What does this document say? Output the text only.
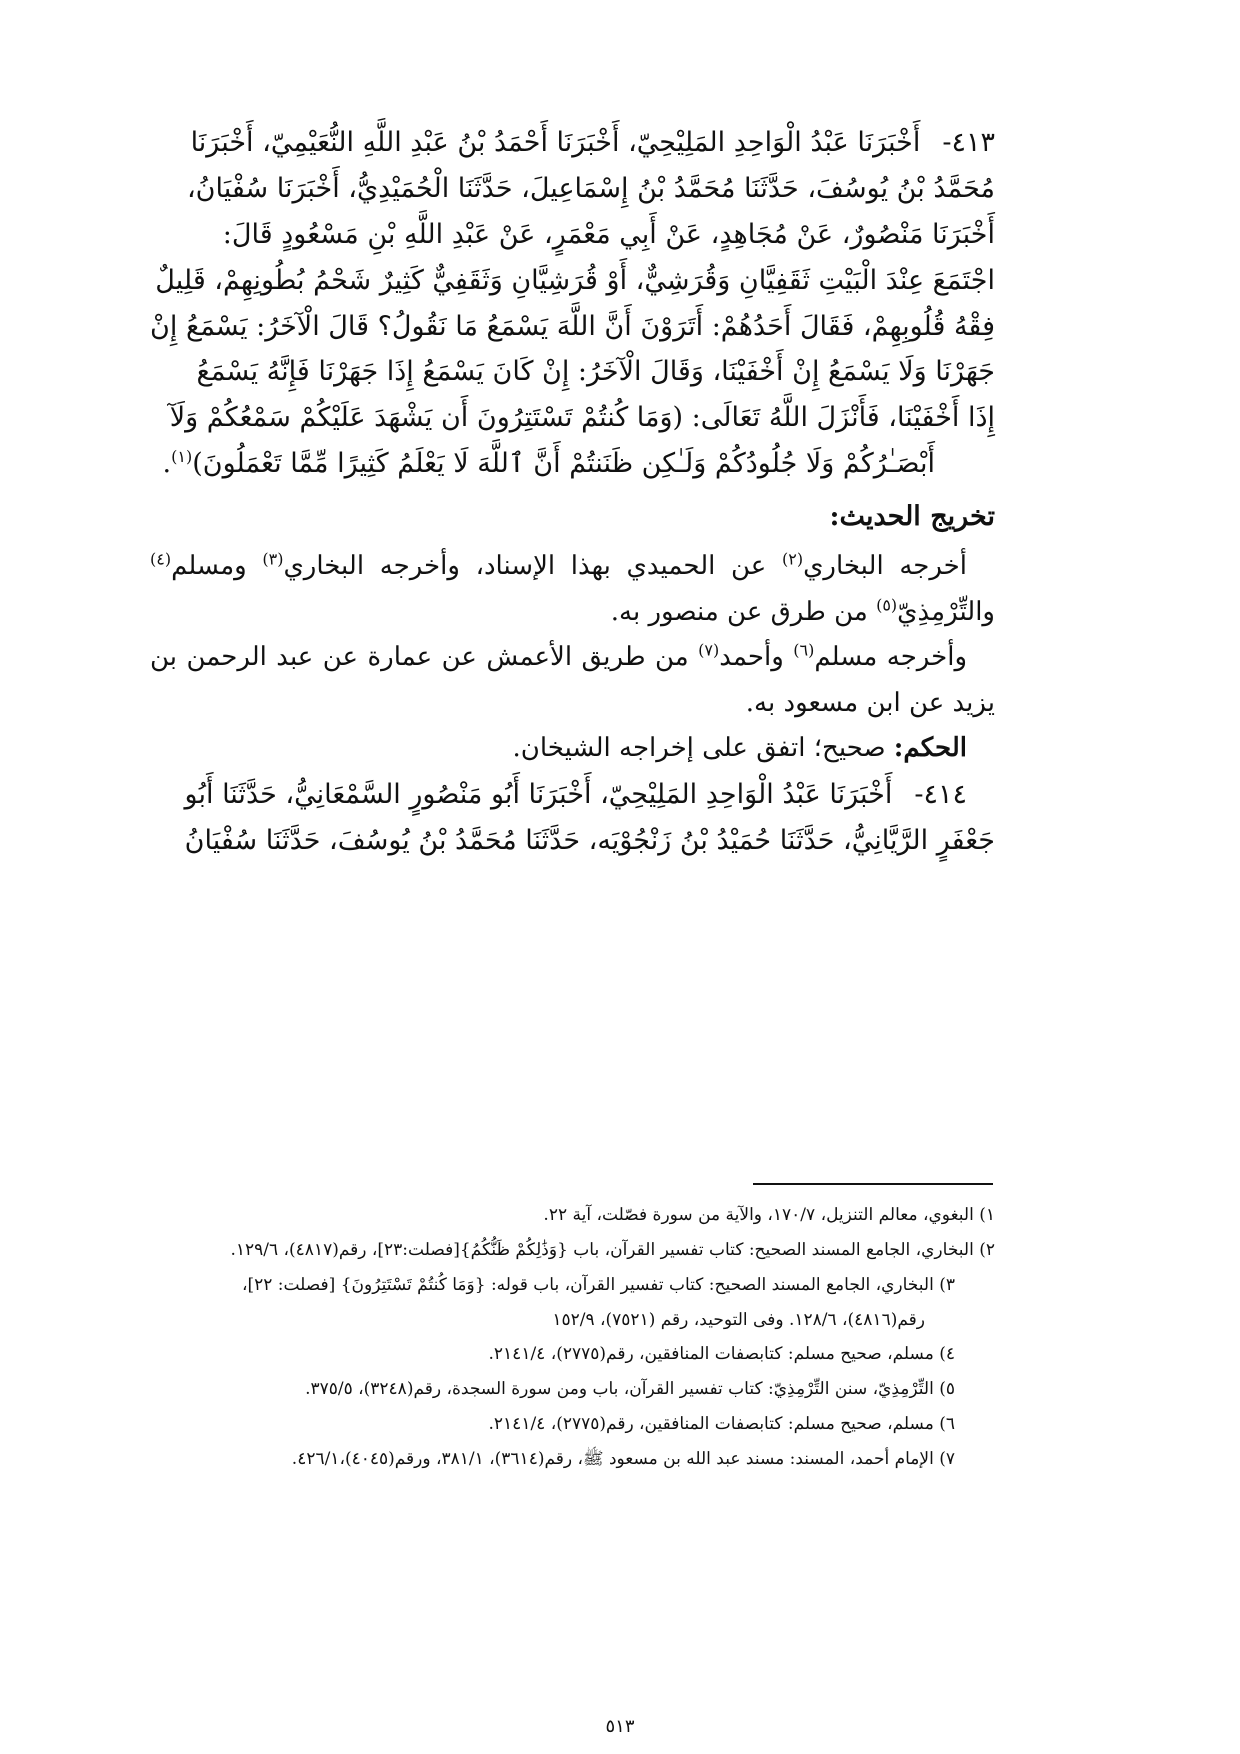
٤١٣-أَخْبَرَنَا عَبْدُ الْوَاحِدِ المَلِيْحِيّ، أَخْبَرَنَا أَحْمَدُ بْنُ عَبْدِ اللَّهِ النُّعَيْمِيّ، أَخْبَرَنَا

مُحَمَّدُ بْنُ يُوسُفَ، حَدَّثَنَا مُحَمَّدُ بْنُ إِسْمَاعِيلَ، حَدَّثَنَا الْحُمَيْدِيُّ، أَخْبَرَنَا سُفْيَانُ،

أَخْبَرَنَا مَنْصُورٌ، عَنْ مُجَاهِدٍ، عَنْ أَبِي مَعْمَرٍ، عَنْ عَبْدِ اللَّهِ بْنِ مَسْعُودٍ قَالَ:

اجْتَمَعَ عِنْدَ الْبَيْتِ ثَقَفِيَّانِ وَقُرَشِيٌّ، أَوْ قُرَشِيَّانِ وَثَقَفِيٌّ كَثِيرٌ شَحْمُ بُطُونِهِمْ، قَلِيلٌ

فِقْهُ قُلُوبِهِمْ، فَقَالَ أَحَدُهُمْ: أَتَرَوْنَ أَنَّ اللَّهَ يَسْمَعُ مَا نَقُولُ؟ قَالَ الْآخَرُ: يَسْمَعُ إِنْ

جَهَرْنَا وَلَا يَسْمَعُ إِنْ أَخْفَيْنَا، وَقَالَ الْآخَرُ: إِنْ كَانَ يَسْمَعُ إِذَا جَهَرْنَا فَإِنَّهُ يَسْمَعُ

إِذَا أَخْفَيْنَا، فَأَنْزَلَ اللَّهُ تَعَالَى: (وَمَا كُنتُمْ تَسْتَتِرُونَ أَن يَشْهَدَ عَلَيْكُمْ سَمْعُكُمْ وَلَآ

أَبْصَـٰرُكُمْ وَلَا جُلُودُكُمْ وَلَـٰكِن ظَنَنتُمْ أَنَّ ٱللَّهَ لَا يَعْلَمُ كَثِيرًا مِّمَّا تَعْمَلُونَ)$^{(١)}$.

تخريج الحديث:

أخرجه البخاري$^{(٢)}$ عن الحميدي بهذا الإسناد، وأخرجه البخاري$^{(٣)}$ ومسلم$^{(٤)}$ والتِّرْمِذِيّ$^{(٥)}$ من طرق عن منصور به.

وأخرجه مسلم$^{(٦)}$ وأحمد$^{(٧)}$ من طريق الأعمش عن عمارة عن عبد الرحمن بن يزيد عن ابن مسعود به.

الحكم: صحيح؛ اتفق على إخراجه الشيخان.

٤١٤-أَخْبَرَنَا عَبْدُ الْوَاحِدِ المَلِيْحِيّ، أَخْبَرَنَا أَبُو مَنْصُورٍ السَّمْعَانِيُّ، حَدَّثَنَا أَبُو

جَعْفَرٍ الرَّيَّانِيُّ، حَدَّثَنَا حُمَيْدُ بْنُ زَنْجُوْيَه، حَدَّثَنَا مُحَمَّدُ بْنُ يُوسُفَ، حَدَّثَنَا سُفْيَانُ

١) البغوي، معالم التنزيل، ١٧٠/٧، والآية من سورة فصّلت، آية ٢٢.

٢) البخاري، الجامع المسند الصحيح: كتاب تفسير القرآن، باب {وَذَٰلِكُمْ ظَنُّكُمُ}[فصلت:٢٣]، رقم(٤٨١٧)، ١٢٩/٦.

٣) البخاري، الجامع المسند الصحيح: كتاب تفسير القرآن، باب قوله: {وَمَا كُنتُمْ تَسْتَتِرُونَ} [فصلت: ٢٢]،

رقم(٤٨١٦)، ١٢٨/٦. وفى التوحيد، رقم (٧٥٢١)، ١٥٢/٩

٤) مسلم، صحيح مسلم: كتابصفات المنافقين، رقم(٢٧٧٥)، ٢١٤١/٤.

٥) التِّرْمِذِيّ، سنن التِّرْمِذِيّ: كتاب تفسير القرآن، باب ومن سورة السجدة، رقم(٣٢٤٨)، ٣٧٥/٥.

٦) مسلم، صحيح مسلم: كتابصفات المنافقين، رقم(٢٧٧٥)، ٢١٤١/٤.

٧) الإمام أحمد، المسند: مسند عبد الله بن مسعود ﷺ، رقم(٣٦١٤)، ٣٨١/١، ورقم(٤٠٤٥)،٤٢٦/١.

٥١٣
